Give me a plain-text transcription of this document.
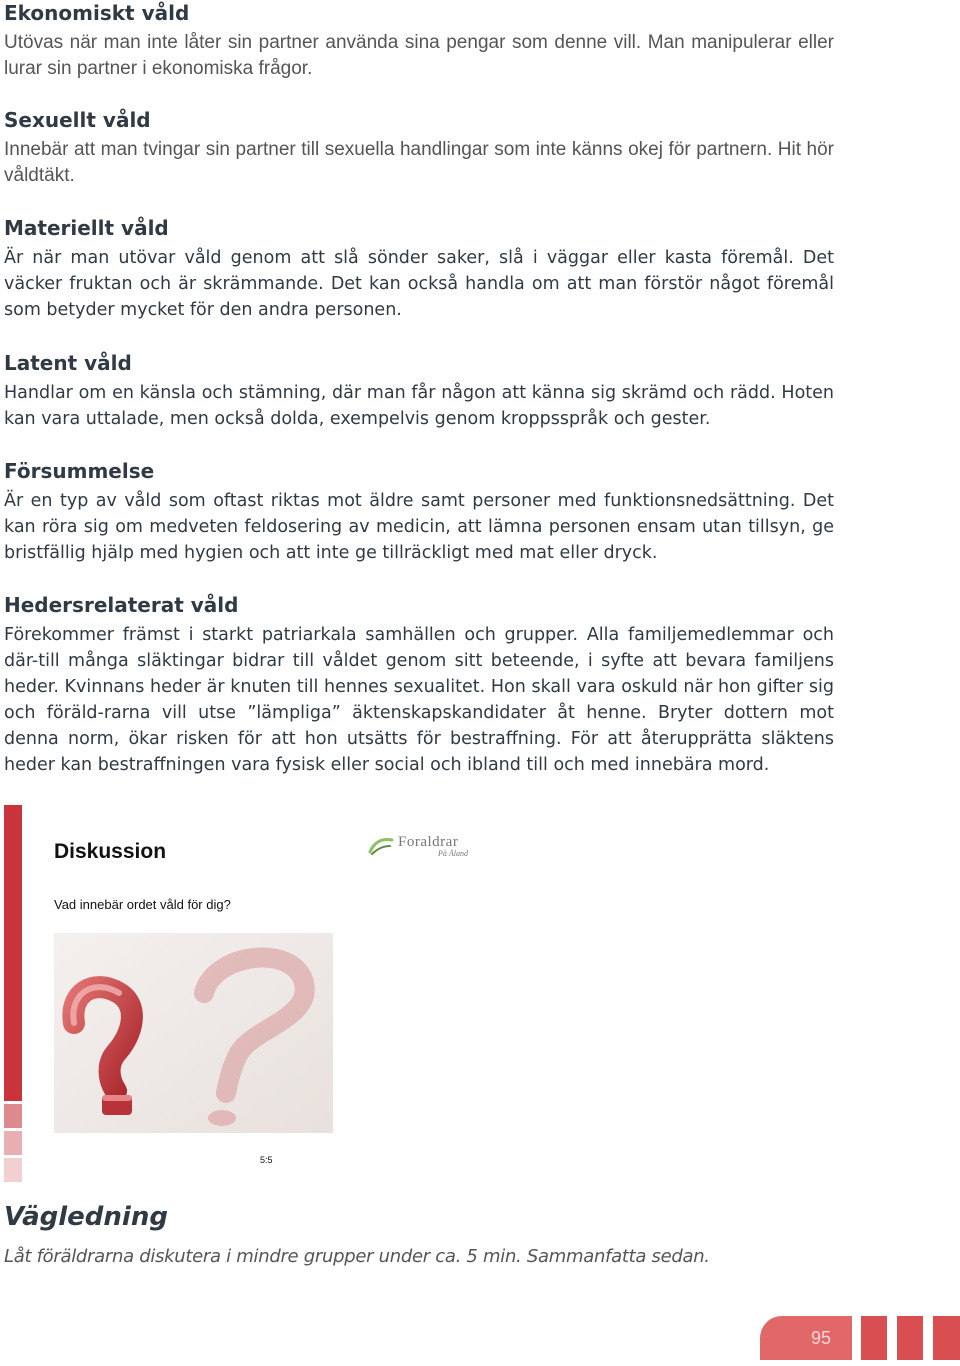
Ekonomiskt våld

Utövas när man inte låter sin partner använda sina pengar som denne vill. Man manipulerar eller lurar sin partner i ekonomiska frågor.

Sexuellt våld

Innebär att man tvingar sin partner till sexuella handlingar som inte känns okej för partnern. Hit hör våldtäkt.

Materiellt våld

Är när man utövar våld genom att slå sönder saker, slå i väggar eller kasta föremål. Det väcker fruktan och är skrämmande. Det kan också handla om att man förstör något föremål som betyder mycket för den andra personen.

Latent våld

Handlar om en känsla och stämning, där man får någon att känna sig skrämd och rädd. Hoten kan vara uttalade, men också dolda, exempelvis genom kroppsspråk och gester.

Försummelse

Är en typ av våld som oftast riktas mot äldre samt personer med funktionsnedsättning. Det kan röra sig om medveten feldosering av medicin, att lämna personen ensam utan tillsyn, ge bristfällig hjälp med hygien och att inte ge tillräckligt med mat eller dryck.

Hedersrelaterat våld

Förekommer främst i starkt patriarkala samhällen och grupper. Alla familjemedlemmar och där-till många släktingar bidrar till våldet genom sitt beteende, i syfte att bevara familjens heder. Kvinnans heder är knuten till hennes sexualitet. Hon skall vara oskuld när hon gifter sig och föräld-rarna vill utse ”lämpliga” äktenskapskandidater åt henne. Bryter dottern mot denna norm, ökar risken för att hon utsätts för bestraffning. För att återupprätta släktens heder kan bestraffningen vara fysisk eller social och ibland till och med innebära mord.

Diskussion	Foraldrar
På Åland

Vad innebär ordet våld för dig?

5:5

Vägledning

Låt föräldrarna diskutera i mindre grupper under ca. 5 min. Sammanfatta sedan.

95
